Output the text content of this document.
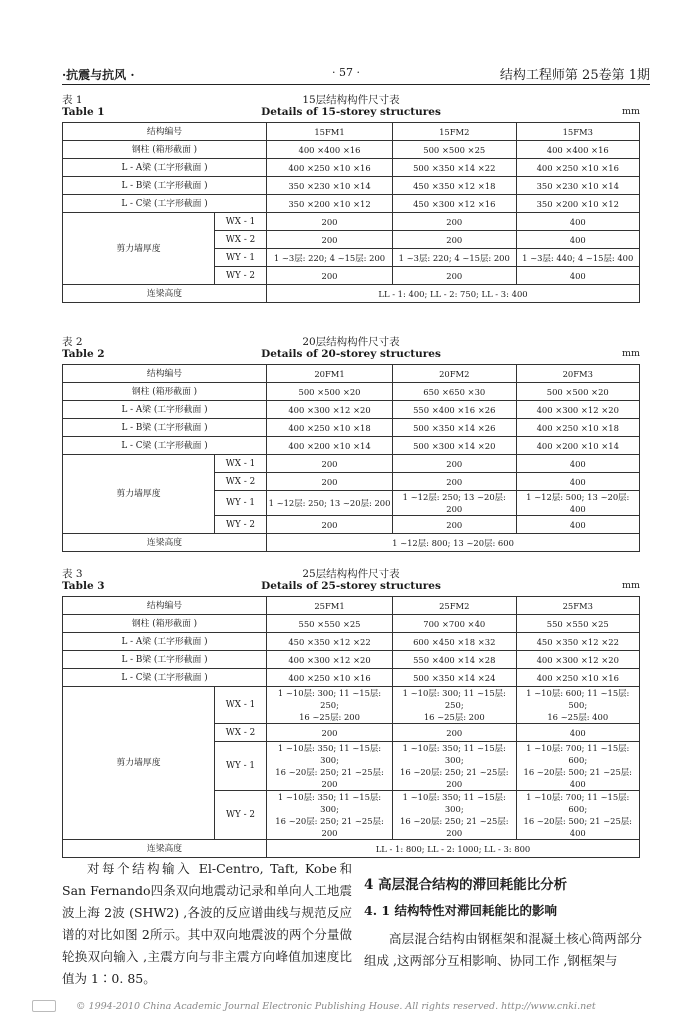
·抗震与抗风 ·	· 57 ·	结构工程师第 25卷第 1期
表 1	15层结构构件尺寸表
Table 1	Details of 15-storey structures	mm
结构编号		15FM1	15FM2	15FM3
钢柱 (箱形截面 )		400 ×400 ×16	500 ×500 ×25	400 ×400 ×16
L - A梁 (工字形截面 )		400 ×250 ×10 ×16	500 ×350 ×14 ×22	400 ×250 ×10 ×16
L - B梁 (工字形截面 )		350 ×230 ×10 ×14	450 ×350 ×12 ×18	350 ×230 ×10 ×14
L - C梁 (工字形截面 )		350 ×200 ×10 ×12	450 ×300 ×12 ×16	350 ×200 ×10 ×12
剪力墙厚度	WX - 1	200	200	400
	WX - 2	200	200	400
	WY - 1	1 ~3层: 220; 4 ~15层: 200	1 ~3层: 220; 4 ~15层: 200	1 ~3层: 440; 4 ~15层: 400
	WY - 2	200	200	400
连梁高度		LL - 1: 400; LL - 2: 750; LL - 3: 400		
表 2	20层结构构件尺寸表
Table 2	Details of 20-storey structures	mm
结构编号		20FM1	20FM2	20FM3
钢柱 (箱形截面 )		500 ×500 ×20	650 ×650 ×30	500 ×500 ×20
L - A梁 (工字形截面 )		400 ×300 ×12 ×20	550 ×400 ×16 ×26	400 ×300 ×12 ×20
L - B梁 (工字形截面 )		400 ×250 ×10 ×18	500 ×350 ×14 ×26	400 ×250 ×10 ×18
L - C梁 (工字形截面 )		400 ×200 ×10 ×14	500 ×300 ×14 ×20	400 ×200 ×10 ×14
剪力墙厚度	WX - 1	200	200	400
	WX - 2	200	200	400
	WY - 1	1 ~12层: 250; 13 ~20层: 200	1 ~12层: 250; 13 ~20层: 200	1 ~12层: 500; 13 ~20层: 400
	WY - 2	200	200	400
连梁高度		1 ~12层: 800; 13 ~20层: 600		
表 3	25层结构构件尺寸表
Table 3	Details of 25-storey structures	mm
结构编号		25FM1	25FM2	25FM3
钢柱 (箱形截面 )		550 ×550 ×25	700 ×700 ×40	550 ×550 ×25
L - A梁 (工字形截面 )		450 ×350 ×12 ×22	600 ×450 ×18 ×32	450 ×350 ×12 ×22
L - B梁 (工字形截面 )		400 ×300 ×12 ×20	550 ×400 ×14 ×28	400 ×300 ×12 ×20
L - C梁 (工字形截面 )		400 ×250 ×10 ×16	500 ×350 ×14 ×24	400 ×250 ×10 ×16
剪力墙厚度	WX - 1	1 ~10层: 300; 11 ~15层: 250;
16 ~25层: 200	1 ~10层: 300; 11 ~15层: 250;
16 ~25层: 200	1 ~10层: 600; 11 ~15层: 500;
16 ~25层: 400
	WX - 2	200	200	400
	WY - 1	1 ~10层: 350; 11 ~15层: 300;
16 ~20层: 250; 21 ~25层: 200	1 ~10层: 350; 11 ~15层: 300;
16 ~20层: 250; 21 ~25层: 200	1 ~10层: 700; 11 ~15层: 600;
16 ~20层: 500; 21 ~25层: 400
	WY - 2	1 ~10层: 350; 11 ~15层: 300;
16 ~20层: 250; 21 ~25层: 200	1 ~10层: 350; 11 ~15层: 300;
16 ~20层: 250; 21 ~25层: 200	1 ~10层: 700; 11 ~15层: 600;
16 ~20层: 500; 21 ~25层: 400
连梁高度		LL - 1: 800; LL - 2: 1000; LL - 3: 800		

对每个结构输入 El-Centro, Taft, Kobe和 San Fernando四条双向地震动记录和单向人工地震波上海 2波 (SHW2) ,各波的反应谱曲线与规范反应谱的对比如图 2所示。其中双向地震波的两个分量做轮换双向输入 ,主震方向与非主震方向峰值加速度比值为 1∶0. 85。

4 高层混合结构的滞回耗能比分析
4. 1 结构特性对滞回耗能比的影响

高层混合结构由钢框架和混凝土核心筒两部分组成 ,这两部分互相影响、协同工作 ,钢框架与

© 1994-2010 China Academic Journal Electronic Publishing House. All rights reserved. http://www.cnki.net
